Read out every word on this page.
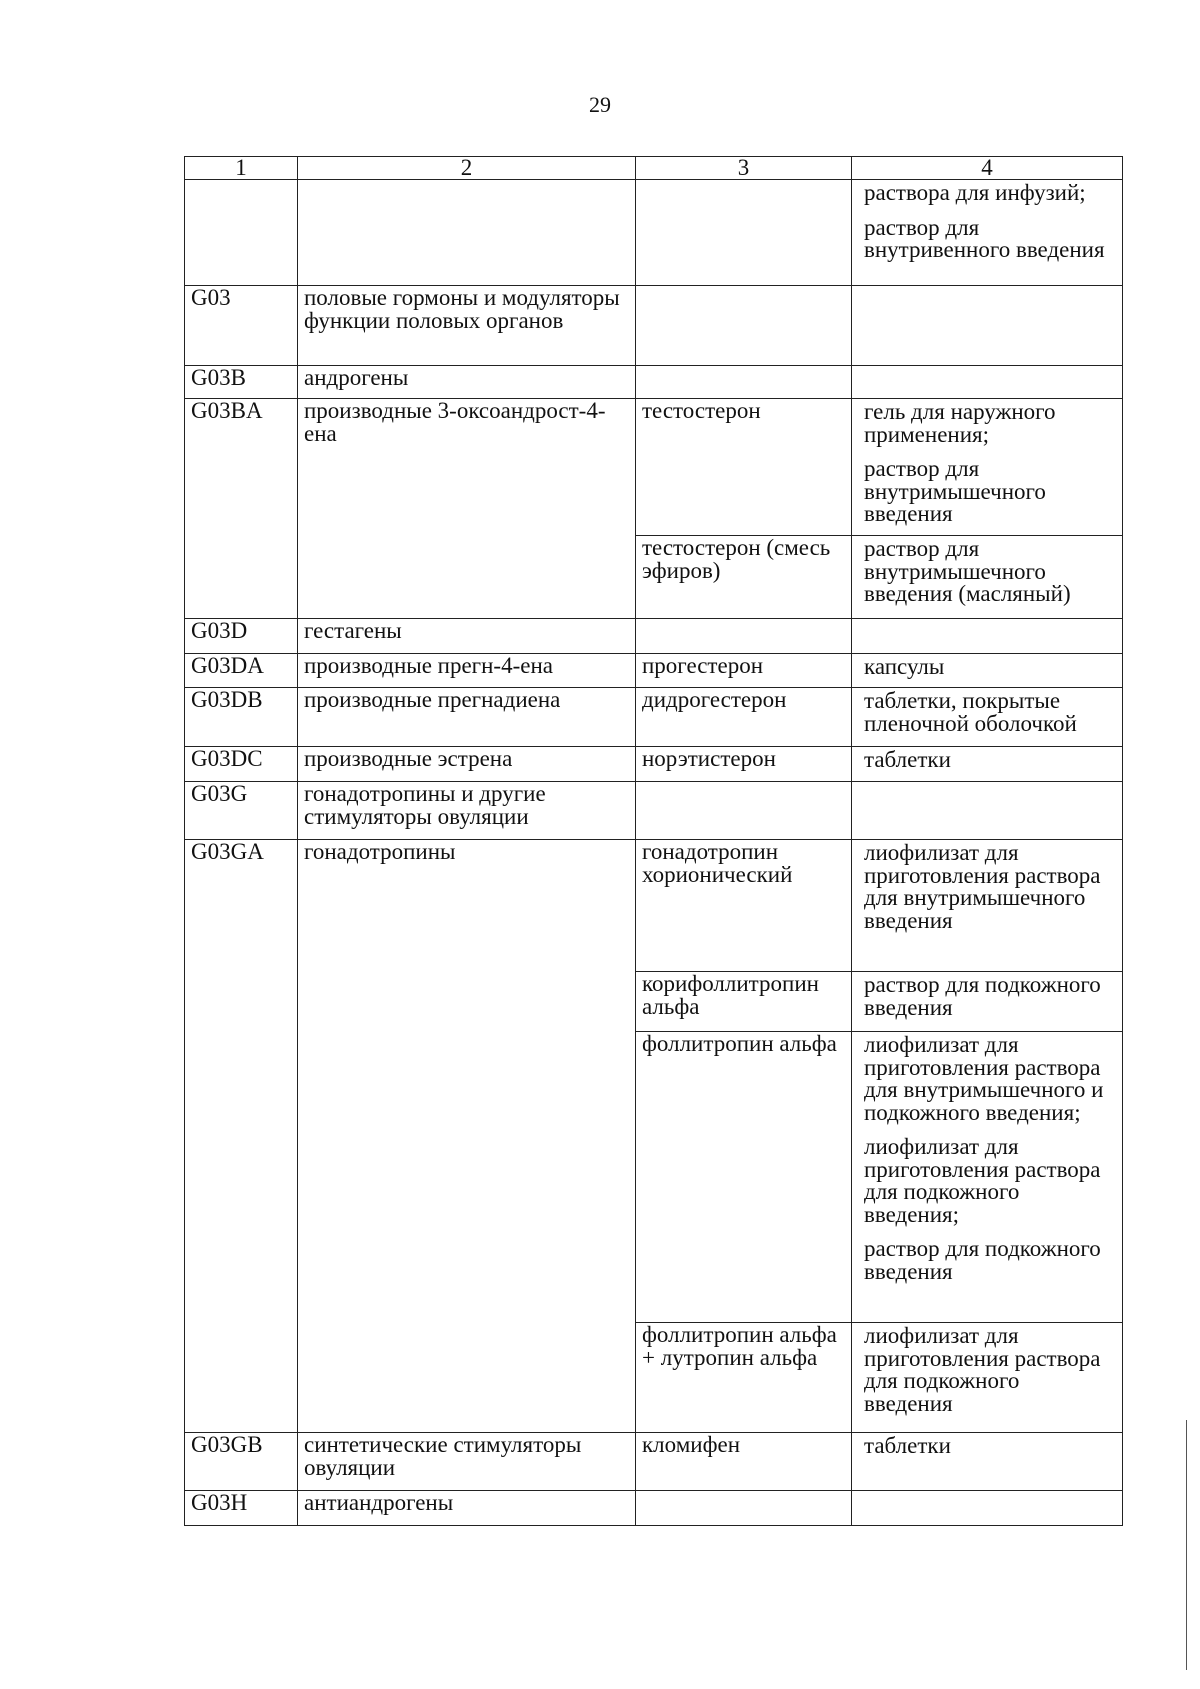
29
1	2	3	4

			раствора для инфузий;
раствор для внутривенного введения

G03	половые гормоны и модуляторы функции половых органов		
G03B	андрогены		
G03BA	производные 3-оксоандрост-4-ена	тестостерон	гель для наружного применения;
раствор для внутримышечного введения

		тестостерон (смесь эфиров)	раствор для внутримышечного введения (масляный)

G03D	гестагены		
G03DA	производные прегн-4-ена	прогестерон	капсулы

G03DB	производные прегнадиена	дидрогестерон	таблетки, покрытые пленочной оболочкой

G03DC	производные эстрена	норэтистерон	таблетки

G03G	гонадотропины и другие стимуляторы овуляции		
G03GA	гонадотропины	гонадотропин хорионический	лиофилизат для приготовления раствора для внутримышечного введения

		корифоллитропин альфа	раствор для подкожного введения

		фоллитропин альфа	лиофилизат для приготовления раствора для внутримышечного и подкожного введения;
лиофилизат для приготовления раствора для подкожного введения;
раствор для подкожного введения

		фоллитропин альфа + лутропин альфа	лиофилизат для приготовления раствора для подкожного введения

G03GB	синтетические стимуляторы овуляции	кломифен	таблетки

G03H	антиандрогены		
